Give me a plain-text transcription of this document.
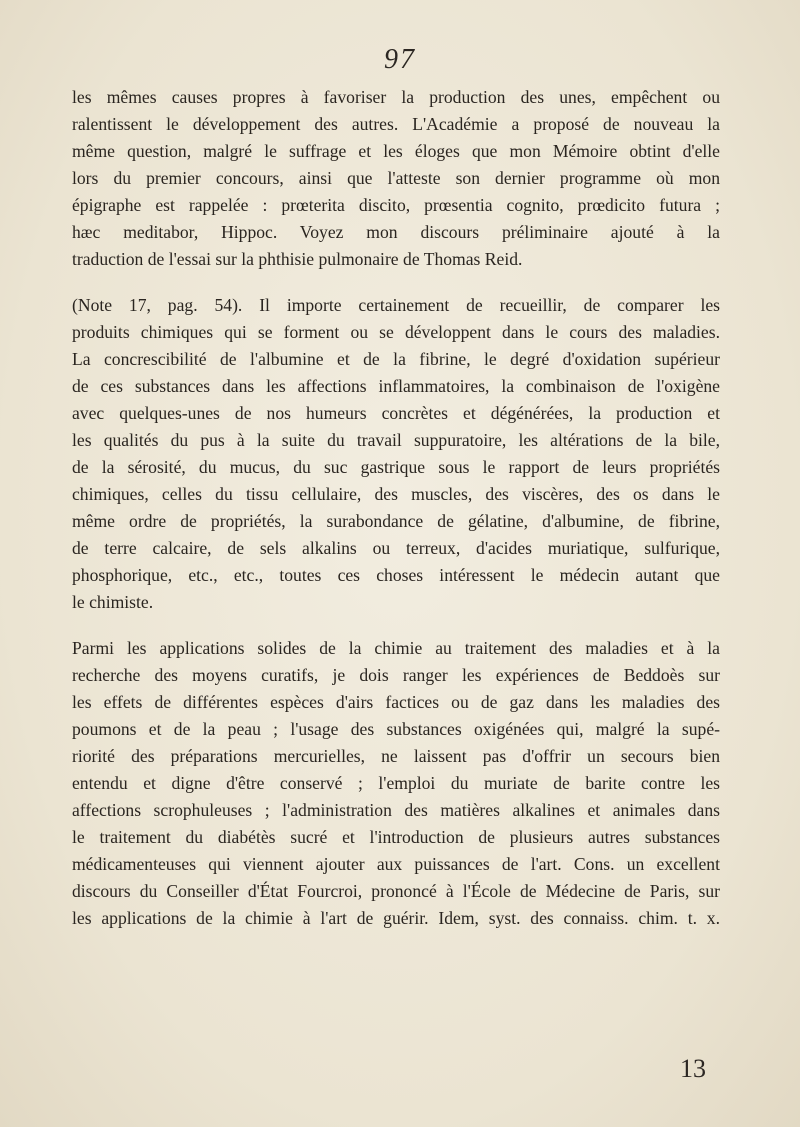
97
les mêmes causes propres à favoriser la production des unes, empêchent ou
ralentissent le développement des autres. L'Académie a proposé de nouveau la
même question, malgré le suffrage et les éloges que mon Mémoire obtint d'elle
lors du premier concours, ainsi que l'atteste son dernier programme où mon
épigraphe est rappelée : prœterita discito, prœsentia cognito, prœdicito futura ;
hæc meditabor, Hippoc. Voyez mon discours préliminaire ajouté à la
traduction de l'essai sur la phthisie pulmonaire de Thomas Reid.
(Note 17, pag. 54). Il importe certainement de recueillir, de comparer les
produits chimiques qui se forment ou se développent dans le cours des maladies.
La concrescibilité de l'albumine et de la fibrine, le degré d'oxidation supérieur
de ces substances dans les affections inflammatoires, la combinaison de l'oxigène
avec quelques-unes de nos humeurs concrètes et dégénérées, la production et
les qualités du pus à la suite du travail suppuratoire, les altérations de la bile,
de la sérosité, du mucus, du suc gastrique sous le rapport de leurs propriétés
chimiques, celles du tissu cellulaire, des muscles, des viscères, des os dans le
même ordre de propriétés, la surabondance de gélatine, d'albumine, de fibrine,
de terre calcaire, de sels alkalins ou terreux, d'acides muriatique, sulfurique,
phosphorique, etc., etc., toutes ces choses intéressent le médecin autant que
le chimiste.
Parmi les applications solides de la chimie au traitement des maladies et à la
recherche des moyens curatifs, je dois ranger les expériences de Beddoès sur
les effets de différentes espèces d'airs factices ou de gaz dans les maladies des
poumons et de la peau ; l'usage des substances oxigénées qui, malgré la supé-
riorité des préparations mercurielles, ne laissent pas d'offrir un secours bien
entendu et digne d'être conservé ; l'emploi du muriate de barite contre les
affections scrophuleuses ; l'administration des matières alkalines et animales dans
le traitement du diabétès sucré et l'introduction de plusieurs autres substances
médicamenteuses qui viennent ajouter aux puissances de l'art. Cons. un excellent
discours du Conseiller d'État Fourcroi, prononcé à l'École de Médecine de Paris, sur
les applications de la chimie à l'art de guérir. Idem, syst. des connaiss. chim. t. x.
13
